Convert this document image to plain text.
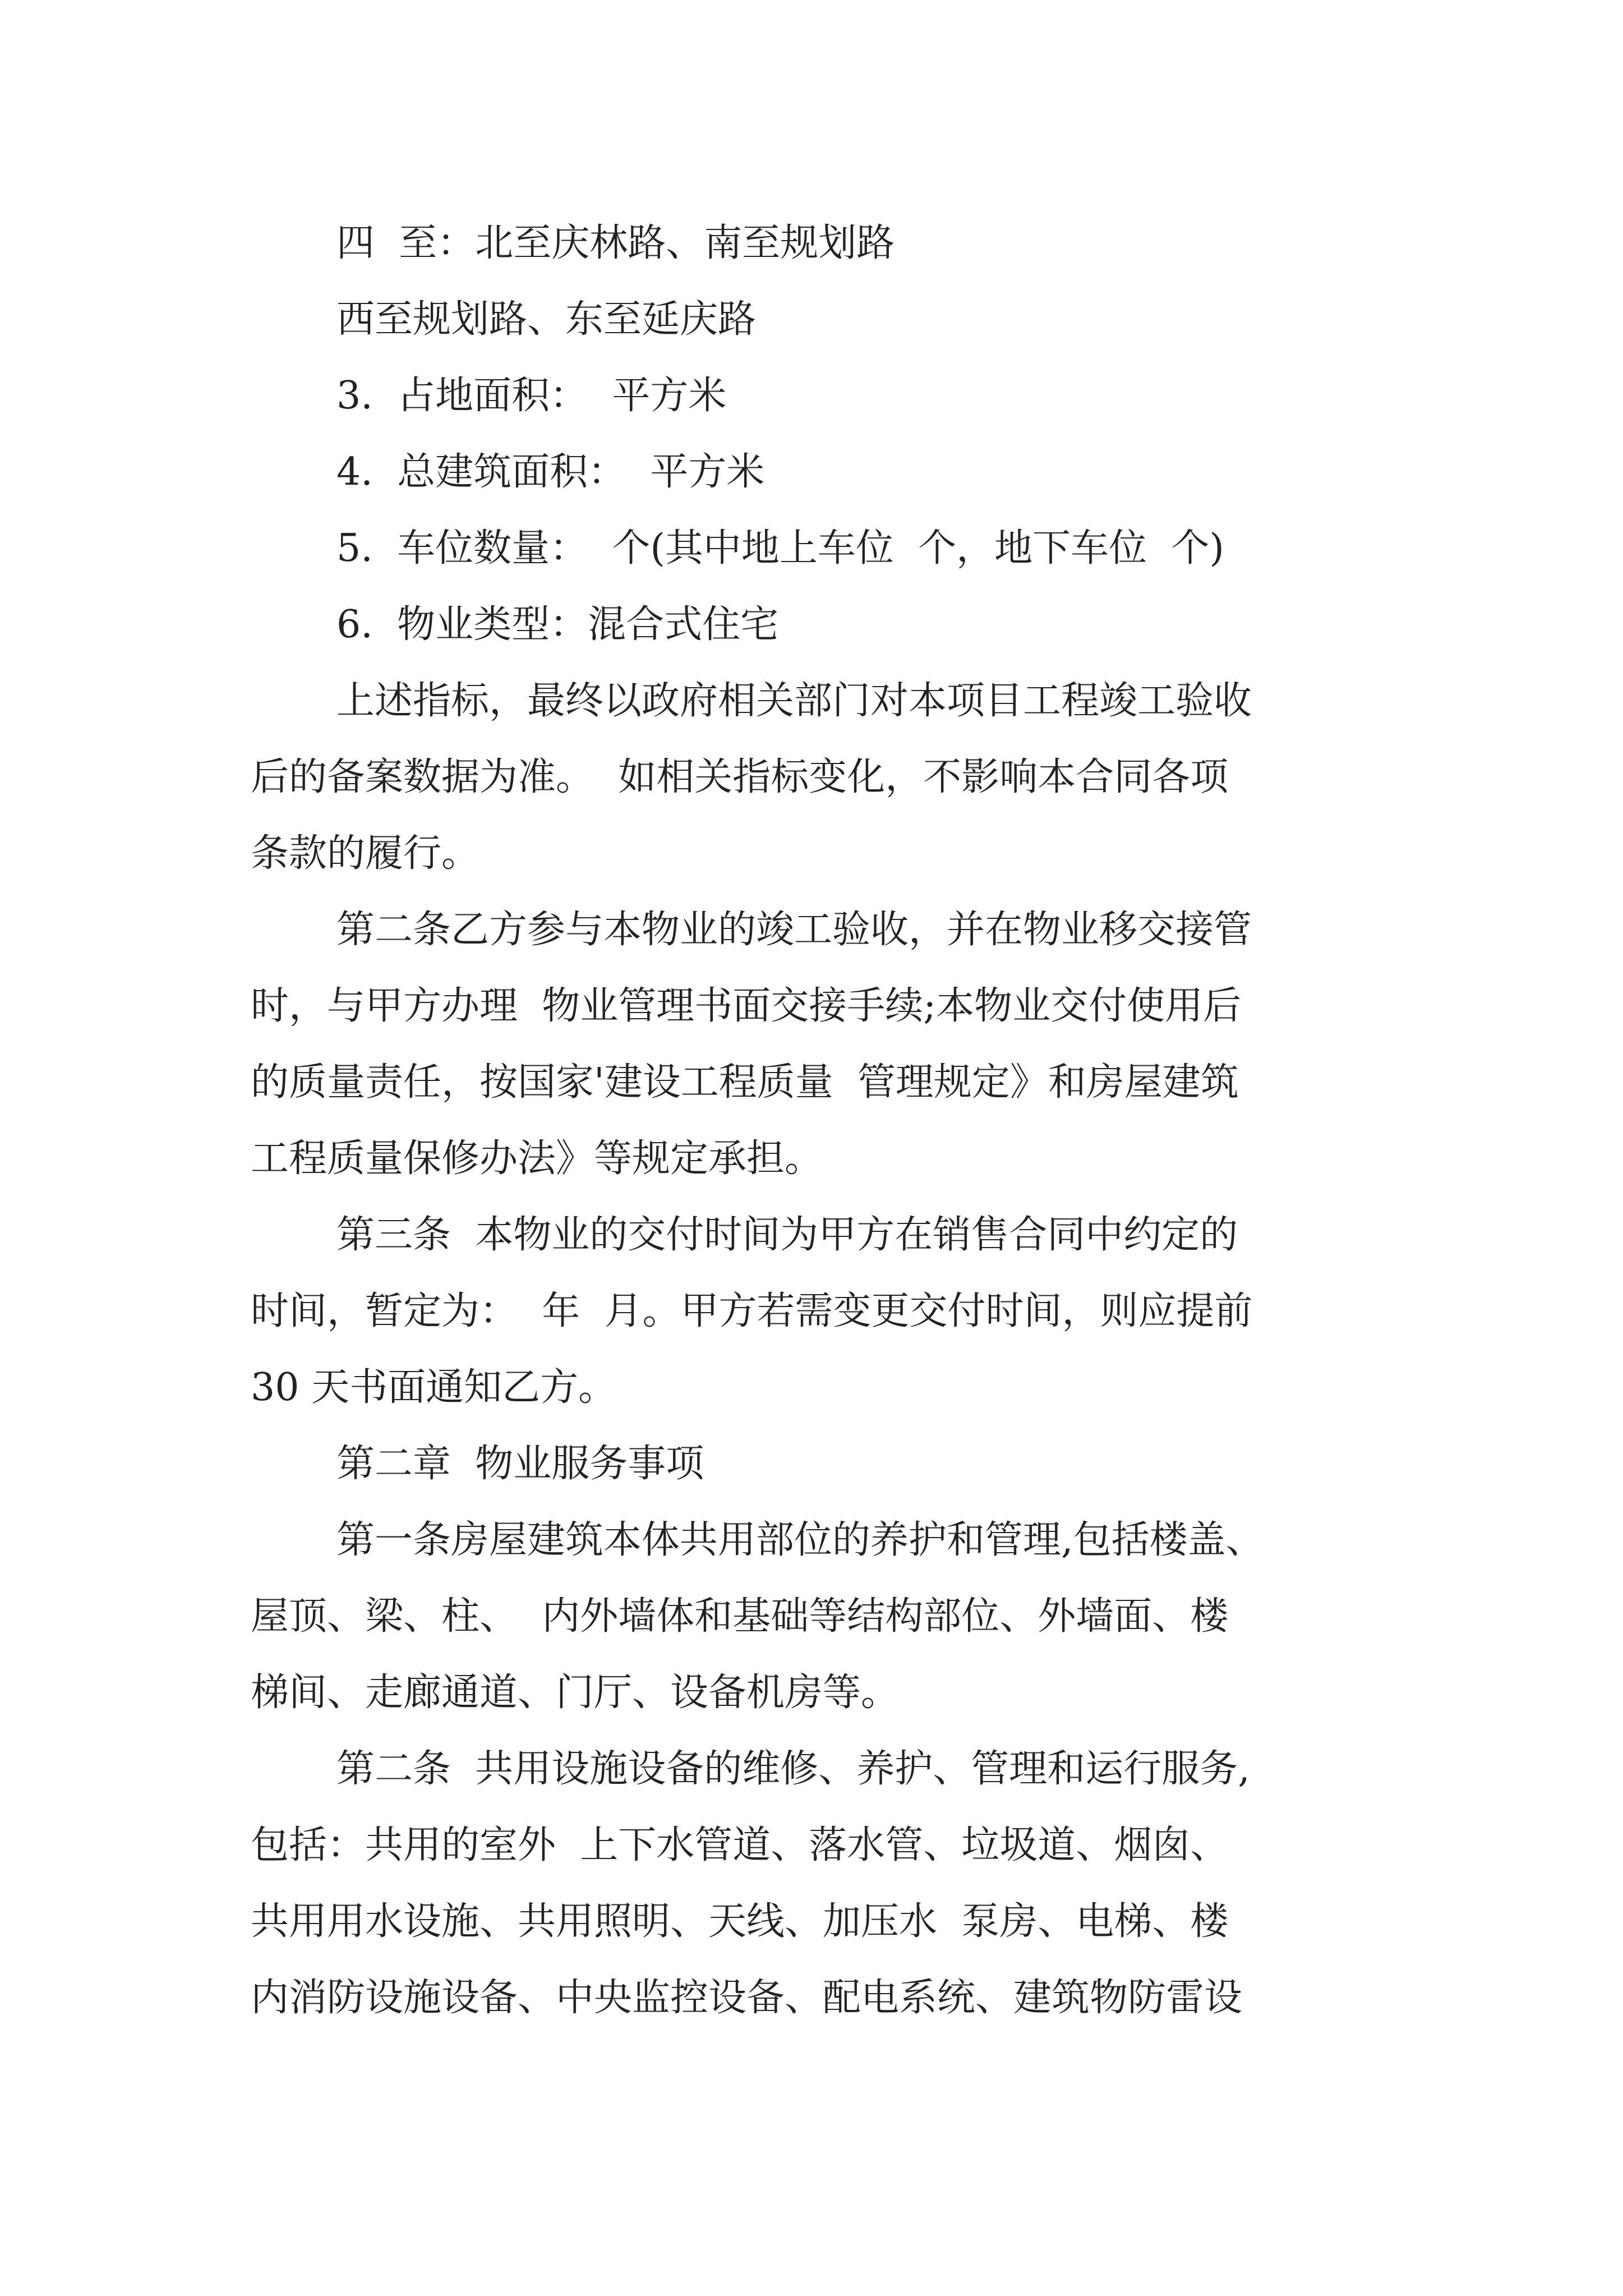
四  至：北至庆林路、南至规划路
西至规划路、东至延庆路
3.  占地面积：  平方米
4.  总建筑面积：  平方米
5.  车位数量：  个(其中地上车位  个，地下车位  个)
6.  物业类型：混合式住宅
上述指标，最终以政府相关部门对本项目工程竣工验收
后的备案数据为准。  如相关指标变化，不影响本合同各项
条款的履行。
第二条乙方参与本物业的竣工验收，并在物业移交接管
时，与甲方办理  物业管理书面交接手续;本物业交付使用后
的质量责任，按国家'建设工程质量  管理规定》和房屋建筑
工程质量保修办法》等规定承担。
第三条  本物业的交付时间为甲方在销售合同中约定的
时间，暂定为：  年  月。甲方若需变更交付时间，则应提前
30 天书面通知乙方。
第二章  物业服务事项
第一条房屋建筑本体共用部位的养护和管理,包括楼盖、
屋顶、梁、柱、  内外墙体和基础等结构部位、外墙面、楼
梯间、走廊通道、门厅、设备机房等。
第二条  共用设施设备的维修、养护、管理和运行服务,
包括：共用的室外  上下水管道、落水管、垃圾道、烟囱、
共用用水设施、共用照明、天线、加压水  泵房、电梯、楼
内消防设施设备、中央监控设备、配电系统、建筑物防雷设
